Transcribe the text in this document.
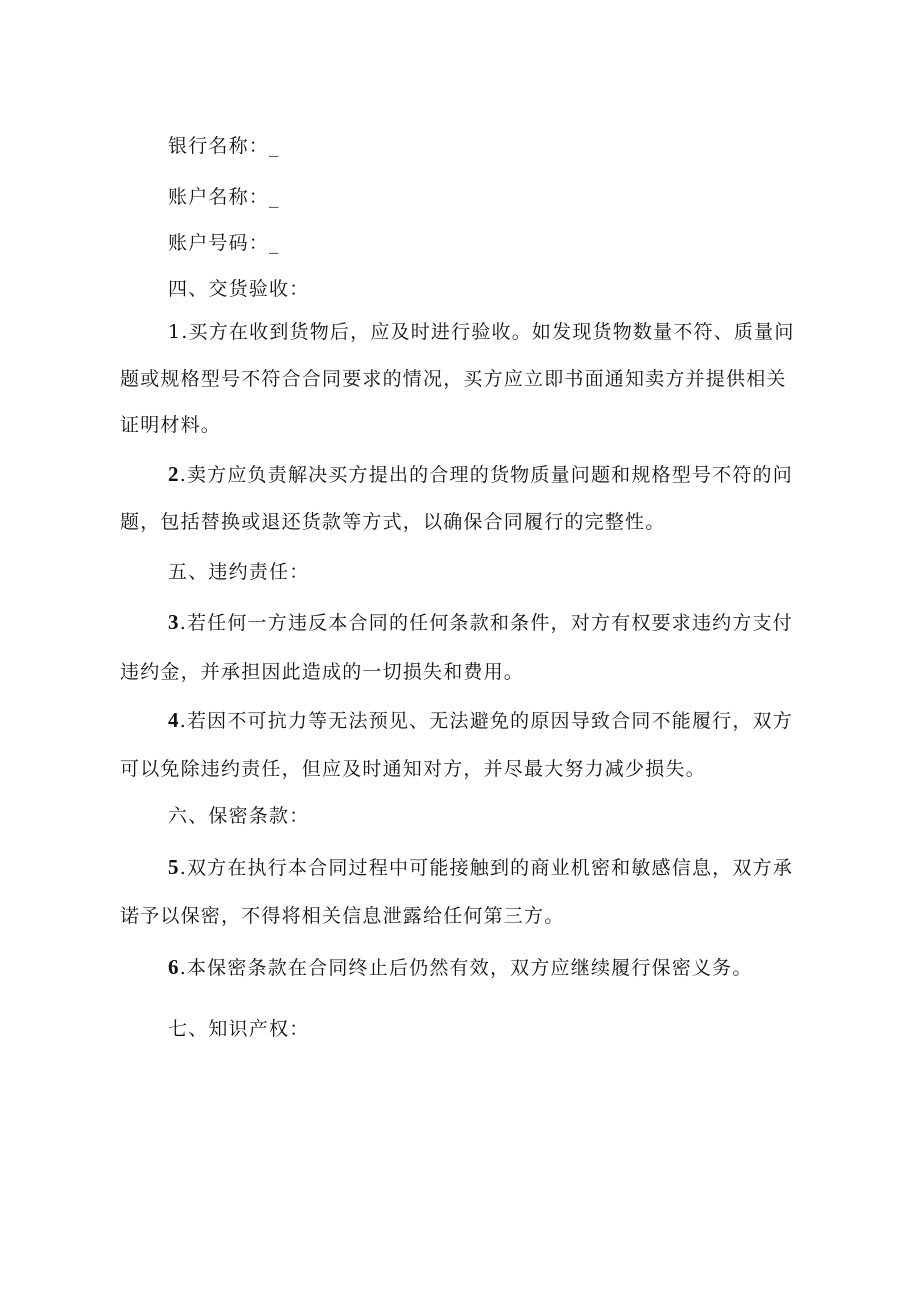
银行名称：_
账户名称：_
账户号码：_
四、交货验收：
1.买方在收到货物后，应及时进行验收。如发现货物数量不符、质量问
题或规格型号不符合合同要求的情况，买方应立即书面通知卖方并提供相关
证明材料。
2.卖方应负责解决买方提出的合理的货物质量问题和规格型号不符的问
题，包括替换或退还货款等方式，以确保合同履行的完整性。
五、违约责任：
3.若任何一方违反本合同的任何条款和条件，对方有权要求违约方支付
违约金，并承担因此造成的一切损失和费用。
4.若因不可抗力等无法预见、无法避免的原因导致合同不能履行，双方
可以免除违约责任，但应及时通知对方，并尽最大努力减少损失。
六、保密条款：
5.双方在执行本合同过程中可能接触到的商业机密和敏感信息，双方承
诺予以保密，不得将相关信息泄露给任何第三方。
6.本保密条款在合同终止后仍然有效，双方应继续履行保密义务。
七、知识产权：
